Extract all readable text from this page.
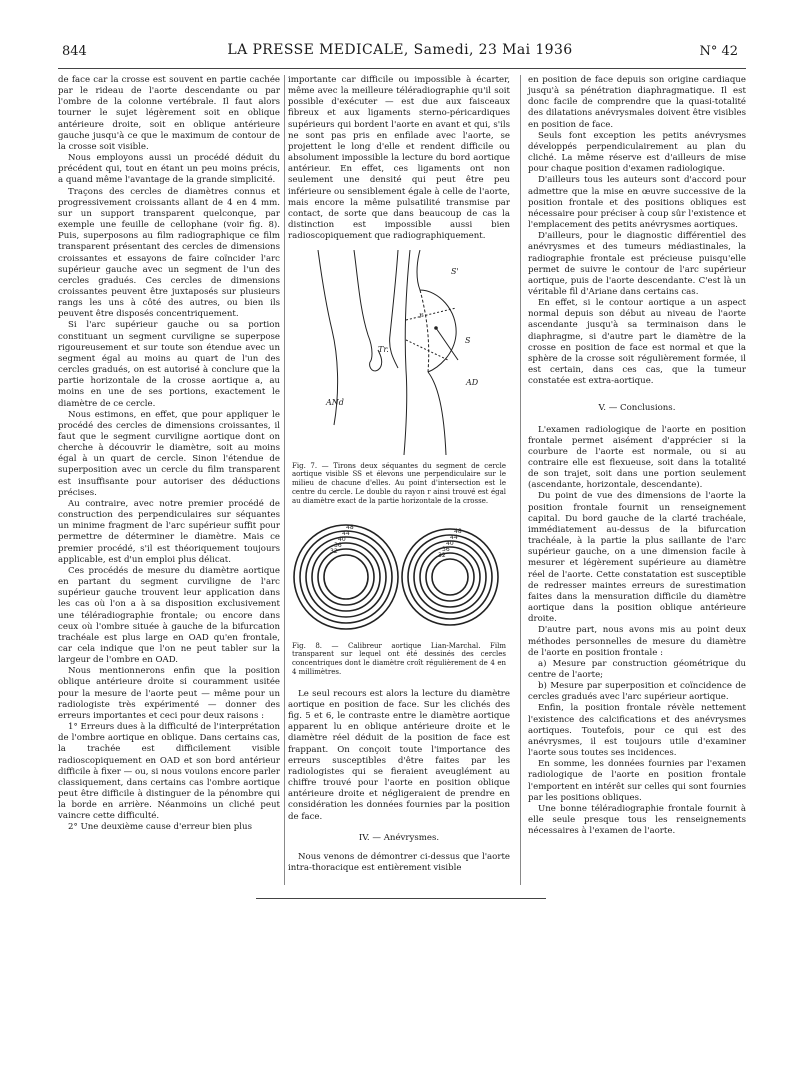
844	LA PRESSE MEDICALE, Samedi, 23 Mai 1936	N° 42

de face car la crosse est souvent en partie cachée par le rideau de l'aorte descendante ou par l'ombre de la colonne vertébrale. Il faut alors tourner le sujet légèrement soit en oblique antérieure droite, soit en oblique antérieure gauche jusqu'à ce que le maximum de contour de la crosse soit visible.

Nous employons aussi un procédé déduit du précédent qui, tout en étant un peu moins précis, a quand même l'avantage de la grande simplicité.

Traçons des cercles de diamètres connus et progressivement croissants allant de 4 en 4 mm. sur un support transparent quelconque, par exemple une feuille de cellophane (voir fig. 8). Puis, superposons au film radiographique ce film transparent présentant des cercles de dimensions croissantes et essayons de faire coïncider l'arc supérieur gauche avec un segment de l'un des cercles gradués. Ces cercles de dimensions croissantes peuvent être juxtaposés sur plusieurs rangs les uns à côté des autres, ou bien ils peuvent être disposés concentriquement.

Si l'arc supérieur gauche ou sa portion constituant un segment curviligne se superpose rigoureusement et sur toute son étendue avec un segment égal au moins au quart de l'un des cercles gradués, on est autorisé à conclure que la partie horizontale de la crosse aortique a, au moins en une de ses portions, exactement le diamètre de ce cercle.

Nous estimons, en effet, que pour appliquer le procédé des cercles de dimensions croissantes, il faut que le segment curviligne aortique dont on cherche à découvrir le diamètre, soit au moins égal à un quart de cercle. Sinon l'étendue de superposition avec un cercle du film transparent est insuffisante pour autoriser des déductions précises.

Au contraire, avec notre premier procédé de construction des perpendiculaires sur séquantes un minime fragment de l'arc supérieur suffit pour permettre de déterminer le diamètre. Mais ce premier procédé, s'il est théoriquement toujours applicable, est d'un emploi plus délicat.

Ces procédés de mesure du diamètre aortique en partant du segment curviligne de l'arc supérieur gauche trouvent leur application dans les cas où l'on a à sa disposition exclusivement une téléradiographie frontale; ou encore dans ceux où l'ombre située à gauche de la bifurcation trachéale est plus large en OAD qu'en frontale, car cela indique que l'on ne peut tabler sur la largeur de l'ombre en OAD.

Nous mentionnerons enfin que la position oblique antérieure droite si couramment usitée pour la mesure de l'aorte peut — même pour un radiologiste très expérimenté — donner des erreurs importantes et ceci pour deux raisons :

1° Erreurs dues à la difficulté de l'interprétation de l'ombre aortique en oblique. Dans certains cas, la trachée est difficilement visible radioscopiquement en OAD et son bord antérieur difficile à fixer — ou, si nous voulons encore parler classiquement, dans certains cas l'ombre aortique peut être difficile à distinguer de la pénombre qui la borde en arrière. Néanmoins un cliché peut vaincre cette difficulté.

2° Une deuxième cause d'erreur bien plus

importante car difficile ou impossible à écarter, même avec la meilleure téléradiographie qu'il soit possible d'exécuter — est due aux faisceaux fibreux et aux ligaments sterno-péricardiques supérieurs qui bordent l'aorte en avant et qui, s'ils ne sont pas pris en enfilade avec l'aorte, se projettent le long d'elle et rendent difficile ou absolument impossible la lecture du bord aortique antérieur. En effet, ces ligaments ont non seulement une densité qui peut être peu inférieure ou sensiblement égale à celle de l'aorte, mais encore la même pulsatilité transmise par contact, de sorte que dans beaucoup de cas la distinction est impossible aussi bien radioscopiquement que radiographiquement.

S'
r
S
Tr.
AD
ANd

Fig. 7. — Tirons deux séquantes du segment de cercle aortique visible SS et élevons une perpendiculaire sur le milieu de chacune d'elles. Au point d'intersection est le centre du cercle. Le double du rayon r ainsi trouvé est égal au diamètre exact de la partie horizontale de la crosse.

48
44
40
36
32
48
44
40
36
32

Fig. 8. — Calibreur aortique Lian-Marchal. Film transparent sur lequel ont été dessinés des cercles concentriques dont le diamètre croît régulièrement de 4 en 4 millimètres.

Le seul recours est alors la lecture du diamètre aortique en position de face. Sur les clichés des fig. 5 et 6, le contraste entre le diamètre aortique apparent lu en oblique antérieure droite et le diamètre réel déduit de la position de face est frappant. On conçoit toute l'importance des erreurs susceptibles d'être faites par les radiologistes qui se fieraient aveuglément au chiffre trouvé pour l'aorte en position oblique antérieure droite et négligeraient de prendre en considération les données fournies par la position de face.

IV. — Anévrysmes.

Nous venons de démontrer ci-dessus que l'aorte intra-thoracique est entièrement visible

en position de face depuis son origine cardiaque jusqu'à sa pénétration diaphragmatique. Il est donc facile de comprendre que la quasi-totalité des dilatations anévrysmales doivent être visibles en position de face.

Seuls font exception les petits anévrysmes développés perpendiculairement au plan du cliché. La même réserve est d'ailleurs de mise pour chaque position d'examen radiologique.

D'ailleurs tous les auteurs sont d'accord pour admettre que la mise en œuvre successive de la position frontale et des positions obliques est nécessaire pour préciser à coup sûr l'existence et l'emplacement des petits anévrysmes aortiques.

D'ailleurs, pour le diagnostic différentiel des anévrysmes et des tumeurs médiastinales, la radiographie frontale est précieuse puisqu'elle permet de suivre le contour de l'arc supérieur aortique, puis de l'aorte descendante. C'est là un véritable fil d'Ariane dans certains cas.

En effet, si le contour aortique a un aspect normal depuis son début au niveau de l'aorte ascendante jusqu'à sa terminaison dans le diaphragme, si d'autre part le diamètre de la crosse en position de face est normal et que la sphère de la crosse soit régulièrement formée, il est certain, dans ces cas, que la tumeur constatée est extra-aortique.

V. — Conclusions.

L'examen radiologique de l'aorte en position frontale permet aisément d'apprécier si la courbure de l'aorte est normale, ou si au contraire elle est flexueuse, soit dans la totalité de son trajet, soit dans une portion seulement (ascendante, horizontale, descendante).

Du point de vue des dimensions de l'aorte la position frontale fournit un renseignement capital. Du bord gauche de la clarté trachéale, immédiatement au-dessus de la bifurcation trachéale, à la partie la plus saillante de l'arc supérieur gauche, on a une dimension facile à mesurer et légèrement supérieure au diamètre réel de l'aorte. Cette constatation est susceptible de redresser maintes erreurs de surestimation faites dans la mensuration difficile du diamètre aortique dans la position oblique antérieure droite.

D'autre part, nous avons mis au point deux méthodes personnelles de mesure du diamètre de l'aorte en position frontale :

a) Mesure par construction géométrique du centre de l'aorte;

b) Mesure par superposition et coïncidence de cercles gradués avec l'arc supérieur aortique.

Enfin, la position frontale révèle nettement l'existence des calcifications et des anévrysmes aortiques. Toutefois, pour ce qui est des anévrysmes, il est toujours utile d'examiner l'aorte sous toutes ses incidences.

En somme, les données fournies par l'examen radiologique de l'aorte en position frontale l'emportent en intérêt sur celles qui sont fournies par les positions obliques.

Une bonne téléradiographie frontale fournit à elle seule presque tous les renseignements nécessaires à l'examen de l'aorte.
